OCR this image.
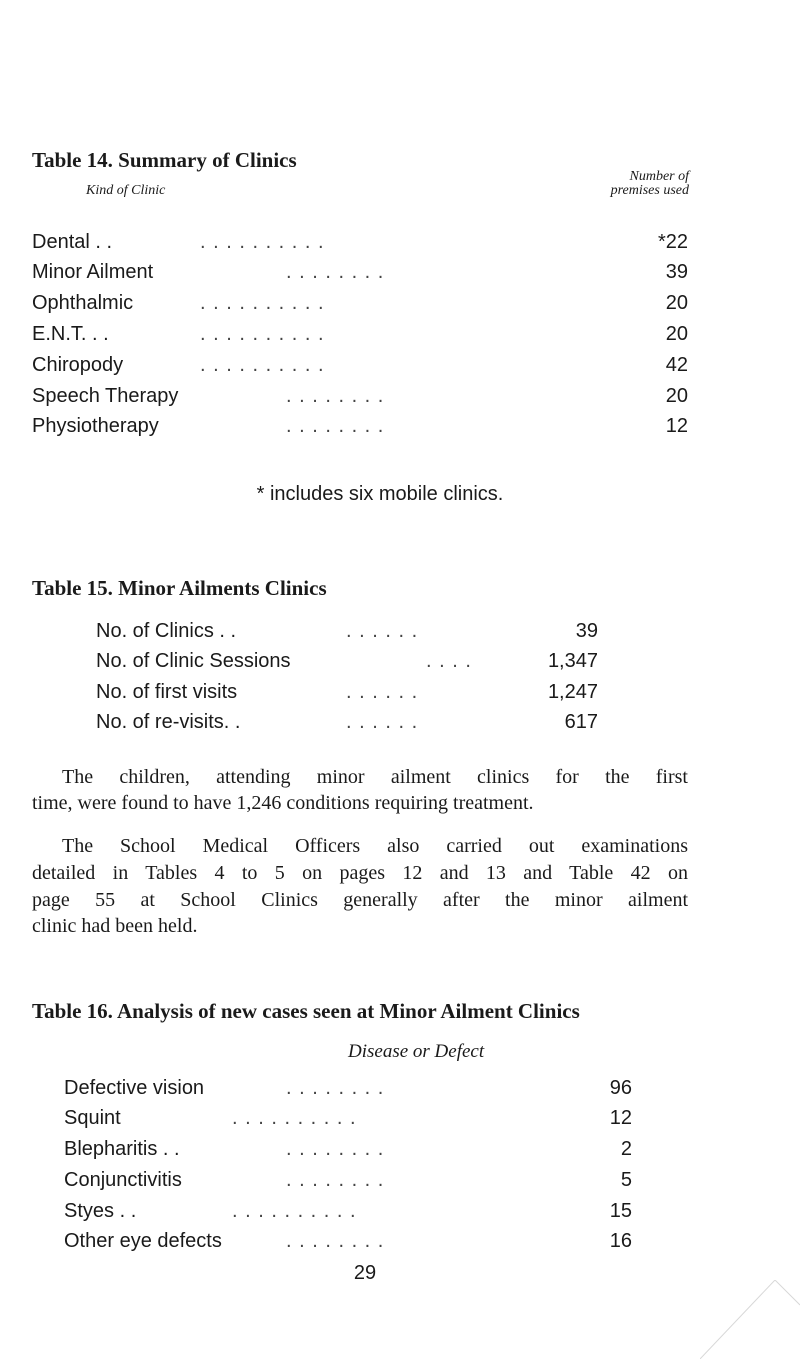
Table 14. Summary of Clinics
Kind of Clinic
Number of
premises used
Dental . .	. . . . . . . . . .	*22
Minor Ailment	. . . . . . . .	39
Ophthalmic	. . . . . . . . . .	20
E.N.T. . .	. . . . . . . . . .	20
Chiropody	. . . . . . . . . .	42
Speech Therapy	. . . . . . . .	20
Physiotherapy	. . . . . . . .	12
* includes six mobile clinics.
Table 15. Minor Ailments Clinics
No. of Clinics . .	. . . . . .	39
No. of Clinic Sessions	. . . .	1,347
No. of first visits	. . . . . .	1,247
No. of re-visits. .	. . . . . .	617
The children, attending minor ailment clinics for the first
time, were found to have 1,246 conditions requiring treatment.
The School Medical Officers also carried out examinations
detailed in Tables 4 to 5 on pages 12 and 13 and Table 42 on
page 55 at School Clinics generally after the minor ailment
clinic had been held.
Table 16. Analysis of new cases seen at Minor Ailment Clinics
Disease or Defect
Defective vision	. . . . . . . .	96
Squint	. . . . . . . . . .	12
Blepharitis . .	. . . . . . . .	2
Conjunctivitis	. . . . . . . .	5
Styes . .	. . . . . . . . . .	15
Other eye defects	. . . . . . . .	16
29
